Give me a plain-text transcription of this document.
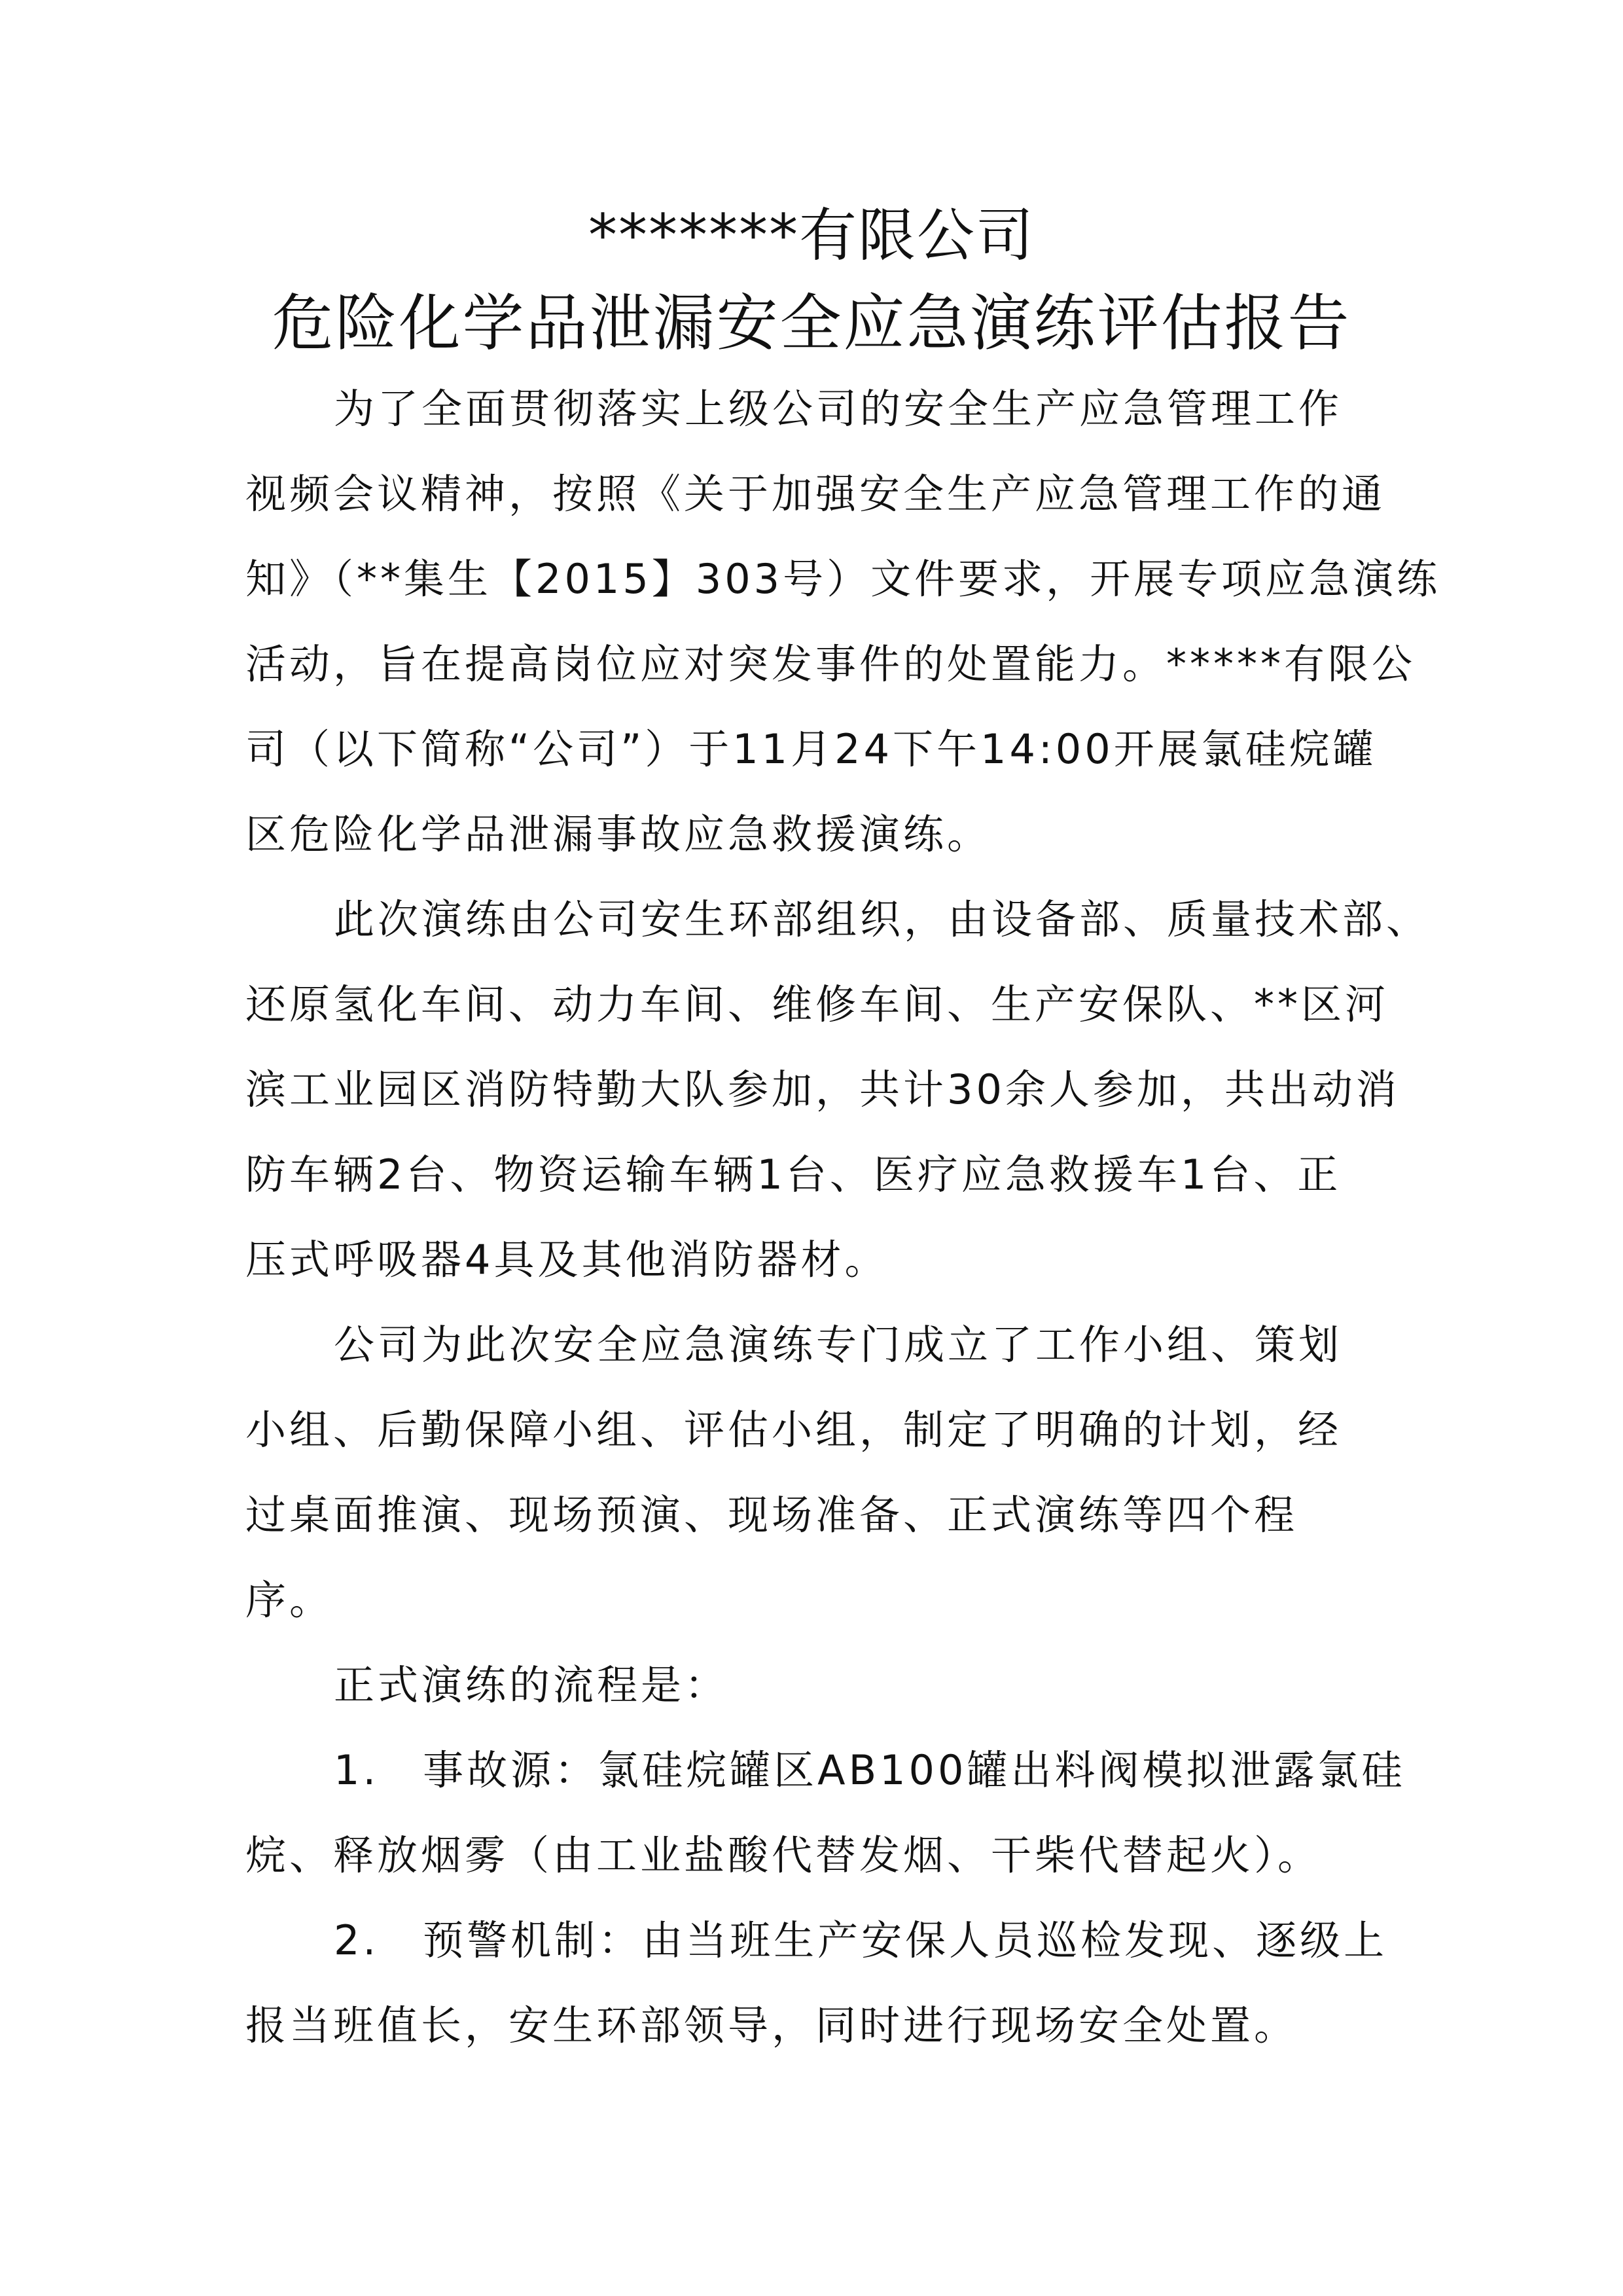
*******有限公司
危险化学品泄漏安全应急演练评估报告
为了全面贯彻落实上级公司的安全生产应急管理工作
视频会议精神，按照《关于加强安全生产应急管理工作的通
知》（**集生【2015】303号）文件要求，开展专项应急演练
活动，旨在提高岗位应对突发事件的处置能力。*****有限公
司（以下简称“公司”）于11月24下午14:00开展氯硅烷罐
区危险化学品泄漏事故应急救援演练。
此次演练由公司安生环部组织，由设备部、质量技术部、
还原氢化车间、动力车间、维修车间、生产安保队、**区河
滨工业园区消防特勤大队参加，共计30余人参加，共出动消
防车辆2台、物资运输车辆1台、医疗应急救援车1台、正
压式呼吸器4具及其他消防器材。
公司为此次安全应急演练专门成立了工作小组、策划
小组、后勤保障小组、评估小组，制定了明确的计划，经
过桌面推演、现场预演、现场准备、正式演练等四个程
序。
正式演练的流程是：
1.　事故源：氯硅烷罐区AB100罐出料阀模拟泄露氯硅
烷、释放烟雾（由工业盐酸代替发烟、干柴代替起火）。
2.　预警机制：由当班生产安保人员巡检发现、逐级上
报当班值长，安生环部领导，同时进行现场安全处置。
